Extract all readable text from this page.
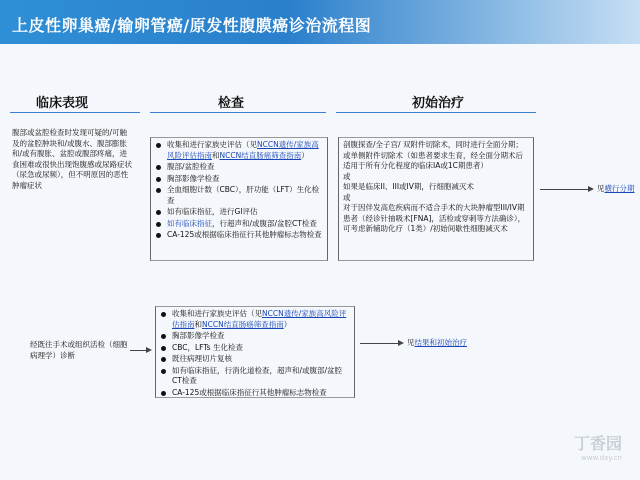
上皮性卵巢癌/输卵管癌/原发性腹膜癌诊治流程图
临床表现	检查	初始治疗
腹部或盆腔检查时发现可疑的/可触及的盆腔肿块和/或腹水、腹部膨胀和/或有腹胀、盆腔或腹部疼痛，进食困难或很快出现饱腹感或尿路症状（尿急或尿频），但不明原因的恶性肿瘤症状
收集和进行家族史评估（见NCCN遗传/家族高风险评估指南和NCCN结直肠癌筛查指南）
腹部/盆腔检查
胸部影像学检查
全血细胞计数（CBC），肝功能（LFT）生化检查
如有临床指征，进行GI评估
如有临床指征，行超声和/或腹部/盆腔CT检查
CA-125或根据临床指征行其他肿瘤标志物检查
剖腹探查/全子宫/ 双附件切除术，同时进行全面分期；或单侧附件切除术（如患者要求生育，经全面分期术后适用于所有分化程度的临床IA或1C期患者）
或
如果是临床II、III或IV期，行细胞减灭术
或
对于因伴发高危疾病而不适合手术的大块肿瘤型III/IV期患者（经诊针抽吸术[FNA]，活检或穿刺等方法确诊），可考虑新辅助化疗（1类）/初始间歇性细胞减灭术
见横行分期
经既往手术或组织活检（细胞病理学）诊断
收集和进行家族史评估（见NCCN遗传/家族高风险评估指南和NCCN结直肠癌筛查指南）
胸部影像学检查
CBC，LFTs 生化检查
既往病理切片复核
如有临床指征，行消化道检查，超声和/或腹部/盆腔CT检查
CA-125或根据临床指征行其他肿瘤标志物检查
见结果和初始治疗
丁香园
www.dxy.cn
